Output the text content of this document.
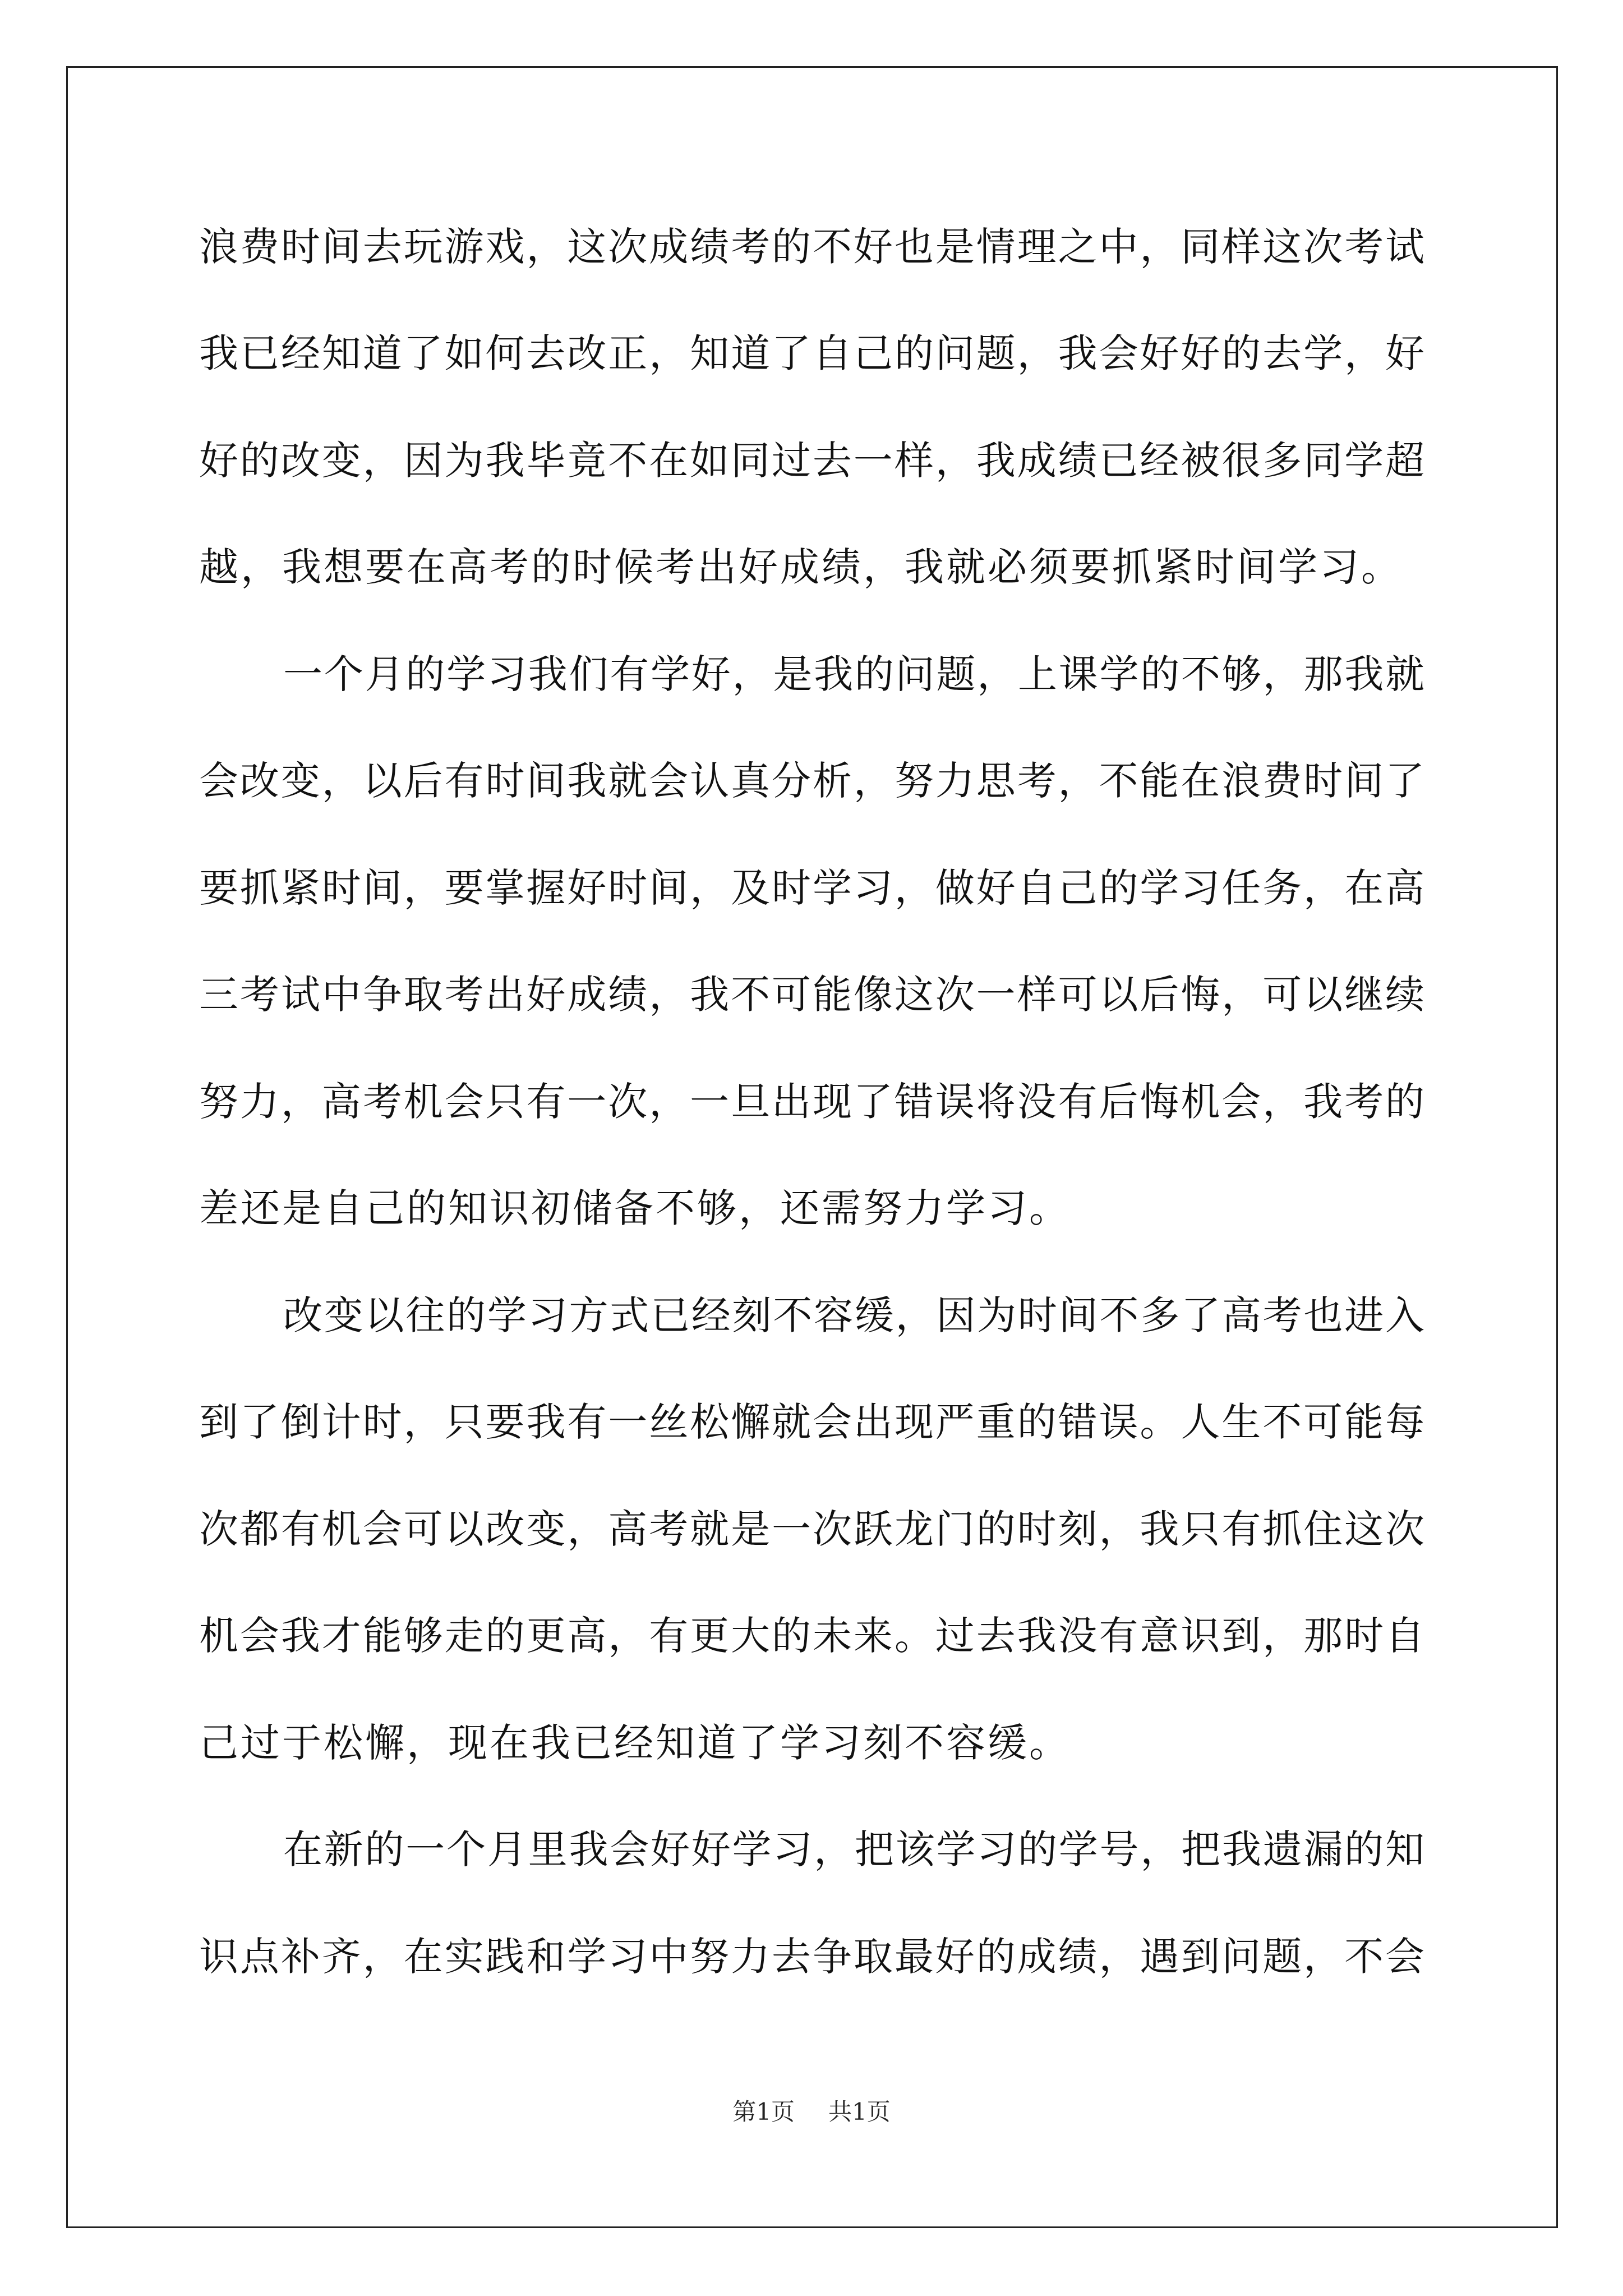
浪费时间去玩游戏，这次成绩考的不好也是情理之中，同样这次考试
我已经知道了如何去改正，知道了自己的问题，我会好好的去学，好
好的改变，因为我毕竟不在如同过去一样，我成绩已经被很多同学超
越，我想要在高考的时候考出好成绩，我就必须要抓紧时间学习。
一个月的学习我们有学好，是我的问题，上课学的不够，那我就
会改变，以后有时间我就会认真分析，努力思考，不能在浪费时间了
要抓紧时间，要掌握好时间，及时学习，做好自己的学习任务，在高
三考试中争取考出好成绩，我不可能像这次一样可以后悔，可以继续
努力，高考机会只有一次，一旦出现了错误将没有后悔机会，我考的
差还是自己的知识初储备不够，还需努力学习。
改变以往的学习方式已经刻不容缓，因为时间不多了高考也进入
到了倒计时，只要我有一丝松懈就会出现严重的错误。人生不可能每
次都有机会可以改变，高考就是一次跃龙门的时刻，我只有抓住这次
机会我才能够走的更高，有更大的未来。过去我没有意识到，那时自
己过于松懈，现在我已经知道了学习刻不容缓。
在新的一个月里我会好好学习，把该学习的学号，把我遗漏的知
识点补齐，在实践和学习中努力去争取最好的成绩，遇到问题，不会
第1页 共1页
